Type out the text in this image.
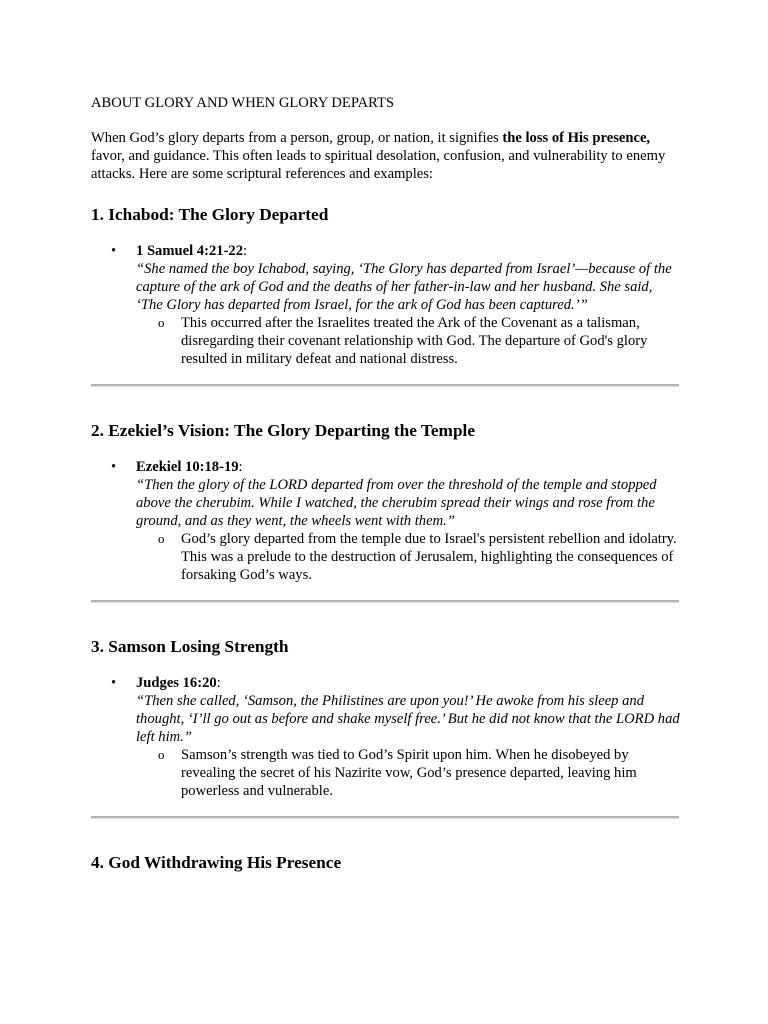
ABOUT GLORY AND WHEN GLORY DEPARTS

When God’s glory departs from a person, group, or nation, it signifies the loss of His presence, favor, and guidance. This often leads to spiritual desolation, confusion, and vulnerability to enemy attacks. Here are some scriptural references and examples:

1. Ichabod: The Glory Departed
• 1 Samuel 4:21-22:
“She named the boy Ichabod, saying, ‘The Glory has departed from Israel’—because of the capture of the ark of God and the deaths of her father-in-law and her husband. She said, ‘The Glory has departed from Israel, for the ark of God has been captured.’”
o This occurred after the Israelites treated the Ark of the Covenant as a talisman, disregarding their covenant relationship with God. The departure of God's glory resulted in military defeat and national distress.
2. Ezekiel’s Vision: The Glory Departing the Temple
• Ezekiel 10:18-19:
“Then the glory of the LORD departed from over the threshold of the temple and stopped above the cherubim. While I watched, the cherubim spread their wings and rose from the ground, and as they went, the wheels went with them.”
o God’s glory departed from the temple due to Israel's persistent rebellion and idolatry. This was a prelude to the destruction of Jerusalem, highlighting the consequences of forsaking God’s ways.
3. Samson Losing Strength
• Judges 16:20:
“Then she called, ‘Samson, the Philistines are upon you!’ He awoke from his sleep and thought, ‘I’ll go out as before and shake myself free.’ But he did not know that the LORD had left him.”
o Samson’s strength was tied to God’s Spirit upon him. When he disobeyed by revealing the secret of his Nazirite vow, God’s presence departed, leaving him powerless and vulnerable.
4. God Withdrawing His Presence
